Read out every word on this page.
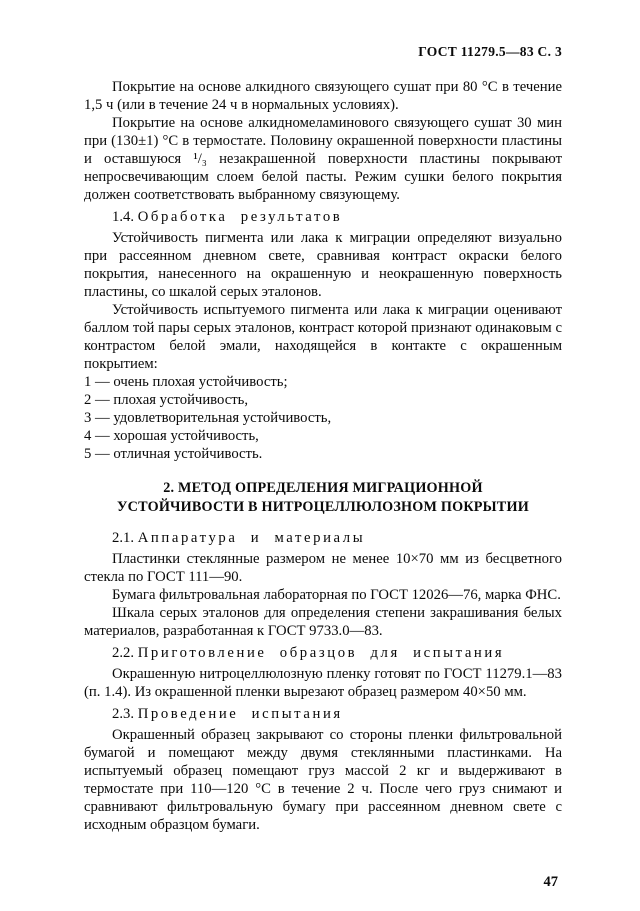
ГОСТ 11279.5—83 С. 3

Покрытие на основе алкидного связующего сушат при 80 °С в течение 1,5 ч (или в течение 24 ч в нормальных условиях).

Покрытие на основе алкидномеламинового связующего сушат 30 мин при (130±1) °С в термостате. Половину окрашенной поверхности пластины и оставшуюся ¹/₃ незакрашенной поверхности пластины покрывают непросвечивающим слоем белой пасты. Режим сушки белого покрытия должен соответствовать выбранному связующему.

1.4. Обработка результатов

Устойчивость пигмента или лака к миграции определяют визуально при рассеянном дневном свете, сравнивая контраст окраски белого покрытия, нанесенного на окрашенную и неокрашенную поверхность пластины, со шкалой серых эталонов.

Устойчивость испытуемого пигмента или лака к миграции оценивают баллом той пары серых эталонов, контраст которой признают одинаковым с контрастом белой эмали, находящейся в контакте с окрашенным покрытием:

1 — очень плохая устойчивость;

2 — плохая устойчивость,

3 — удовлетворительная устойчивость,

4 — хорошая устойчивость,

5 — отличная устойчивость.

2. МЕТОД ОПРЕДЕЛЕНИЯ МИГРАЦИОННОЙ УСТОЙЧИВОСТИ В НИТРОЦЕЛЛЮЛОЗНОМ ПОКРЫТИИ

2.1. Аппаратура и материалы

Пластинки стеклянные размером не менее 10×70 мм из бесцветного стекла по ГОСТ 111—90.

Бумага фильтровальная лабораторная по ГОСТ 12026—76, марка ФНС.

Шкала серых эталонов для определения степени закрашивания белых материалов, разработанная к ГОСТ 9733.0—83.

2.2. Приготовление образцов для испытания

Окрашенную нитроцеллюлозную пленку готовят по ГОСТ 11279.1—83 (п. 1.4). Из окрашенной пленки вырезают образец размером 40×50 мм.

2.3. Проведение испытания

Окрашенный образец закрывают со стороны пленки фильтровальной бумагой и помещают между двумя стеклянными пластинками. На испытуемый образец помещают груз массой 2 кг и выдерживают в термостате при 110—120 °С в течение 2 ч. После чего груз снимают и сравнивают фильтровальную бумагу при рассеянном дневном свете с исходным образцом бумаги.

47
